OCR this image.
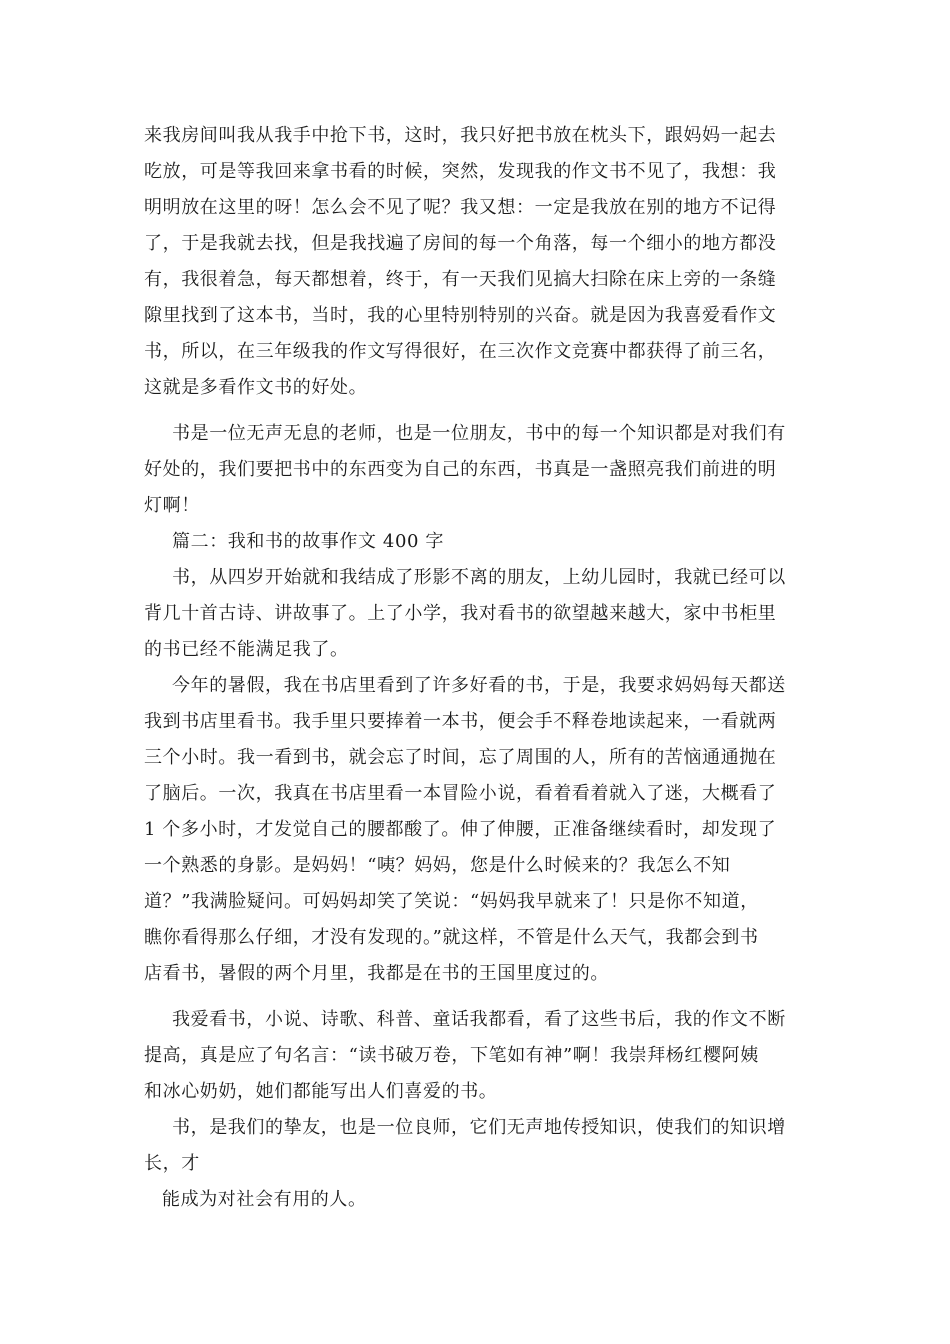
来我房间叫我从我手中抢下书，这时，我只好把书放在枕头下，跟妈妈一起去
吃放，可是等我回来拿书看的时候，突然，发现我的作文书不见了，我想：我
明明放在这里的呀！怎么会不见了呢？我又想：一定是我放在别的地方不记得
了，于是我就去找，但是我找遍了房间的每一个角落，每一个细小的地方都没
有，我很着急，每天都想着，终于，有一天我们见搞大扫除在床上旁的一条缝
隙里找到了这本书，当时，我的心里特别特别的兴奋。就是因为我喜爱看作文
书，所以，在三年级我的作文写得很好，在三次作文竞赛中都获得了前三名，
这就是多看作文书的好处。
书是一位无声无息的老师，也是一位朋友，书中的每一个知识都是对我们有
好处的，我们要把书中的东西变为自己的东西，书真是一盏照亮我们前进的明
灯啊！
篇二：我和书的故事作文 400 字
书，从四岁开始就和我结成了形影不离的朋友，上幼儿园时，我就已经可以
背几十首古诗、讲故事了。上了小学，我对看书的欲望越来越大，家中书柜里
的书已经不能满足我了。
今年的暑假，我在书店里看到了许多好看的书，于是，我要求妈妈每天都送
我到书店里看书。我手里只要捧着一本书，便会手不释卷地读起来，一看就两
三个小时。我一看到书，就会忘了时间，忘了周围的人，所有的苦恼通通抛在
了脑后。一次，我真在书店里看一本冒险小说，看着看着就入了迷，大概看了
1 个多小时，才发觉自己的腰都酸了。伸了伸腰，正准备继续看时，却发现了
一个熟悉的身影。是妈妈！“咦？妈妈，您是什么时候来的？我怎么不知
道？”我满脸疑问。可妈妈却笑了笑说：“妈妈我早就来了！只是你不知道，
瞧你看得那么仔细，才没有发现的。”就这样，不管是什么天气，我都会到书
店看书，暑假的两个月里，我都是在书的王国里度过的。
我爱看书，小说、诗歌、科普、童话我都看，看了这些书后，我的作文不断
提高，真是应了句名言：“读书破万卷，下笔如有神”啊！我崇拜杨红樱阿姨
和冰心奶奶，她们都能写出人们喜爱的书。
书，是我们的挚友，也是一位良师，它们无声地传授知识，使我们的知识增
长，才
能成为对社会有用的人。
